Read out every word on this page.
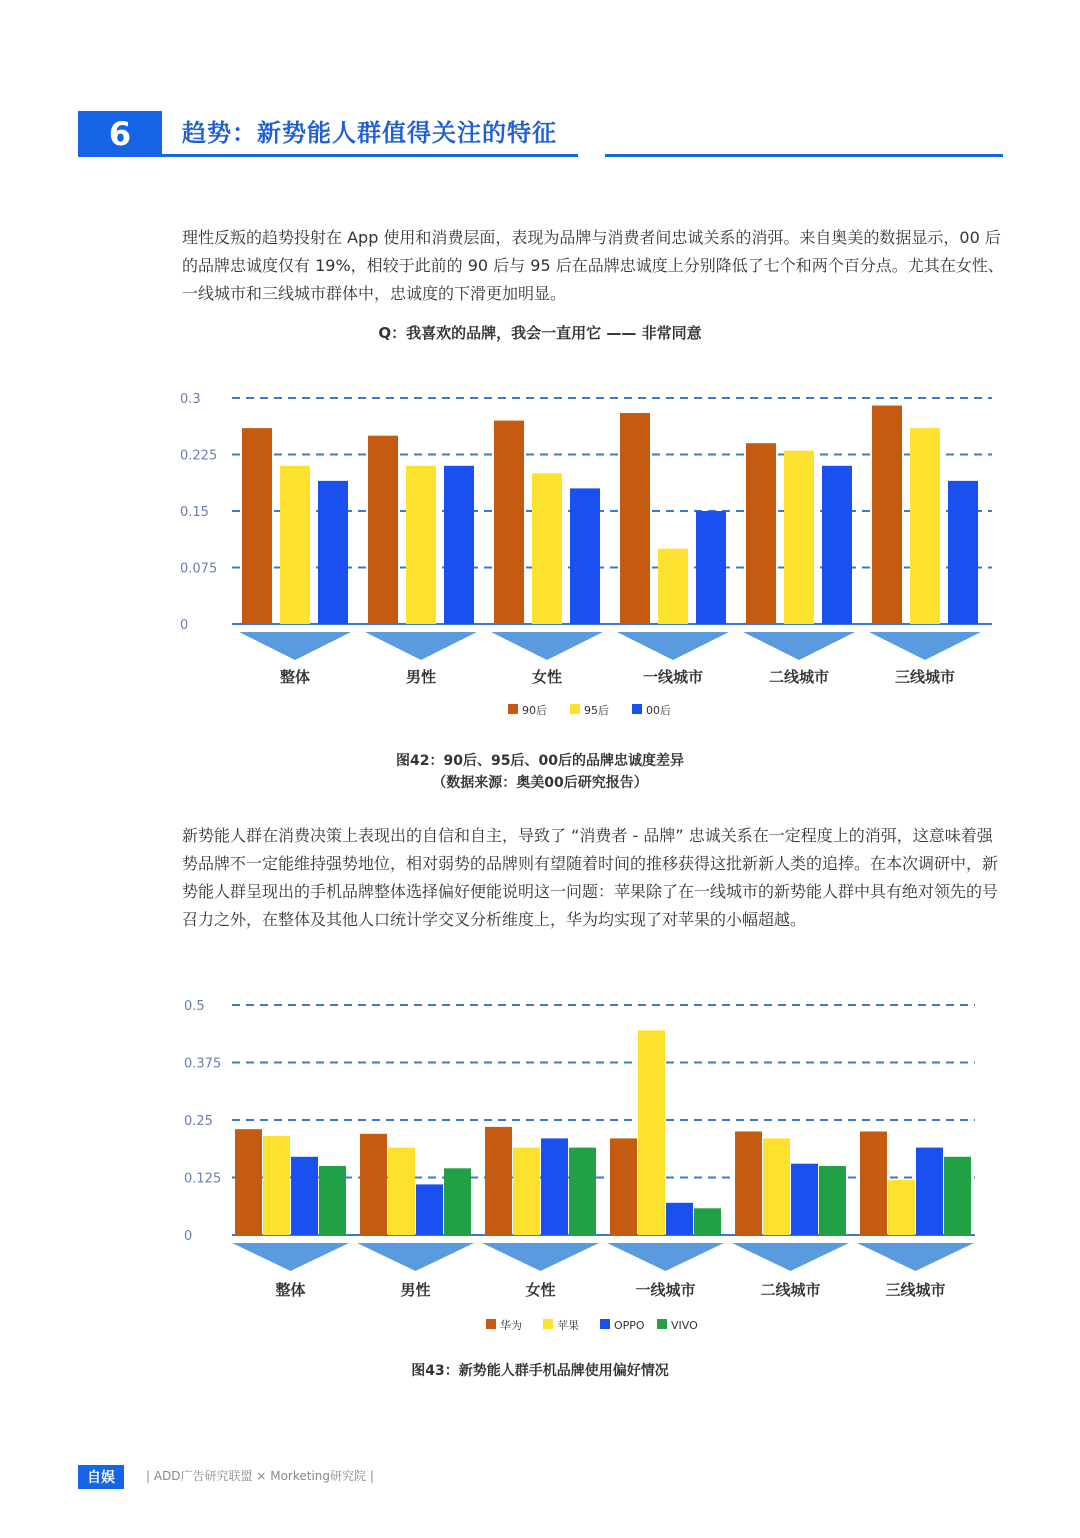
6	趋势：新势能人群值得关注的特征

理性反叛的趋势投射在 App 使用和消费层面，表现为品牌与消费者间忠诚关系的消弭。来自奥美的数据显示，00 后的品牌忠诚度仅有 19%，相较于此前的 90 后与 95 后在品牌忠诚度上分别降低了七个和两个百分点。尤其在女性、一线城市和三线城市群体中，忠诚度的下滑更加明显。

Q：我喜欢的品牌，我会一直用它 —— 非常同意
0
0.075
0.15
0.225
0.3
整体	男性	女性	一线城市	二线城市	三线城市
90后	95后	00后
图42：90后、95后、00后的品牌忠诚度差异
（数据来源：奥美00后研究报告）

新势能人群在消费决策上表现出的自信和自主，导致了 “消费者 - 品牌” 忠诚关系在一定程度上的消弭，这意味着强势品牌不一定能维持强势地位，相对弱势的品牌则有望随着时间的推移获得这批新新人类的追捧。在本次调研中，新势能人群呈现出的手机品牌整体选择偏好便能说明这一问题：苹果除了在一线城市的新势能人群中具有绝对领先的号召力之外，在整体及其他人口统计学交叉分析维度上，华为均实现了对苹果的小幅超越。

0
0.125
0.25
0.375
0.5
整体	男性	女性	一线城市	二线城市	三线城市
华为	苹果	OPPO VIVO
图43：新势能人群手机品牌使用偏好情况
自娱	| ADD广告研究联盟 × Morketing研究院 |
